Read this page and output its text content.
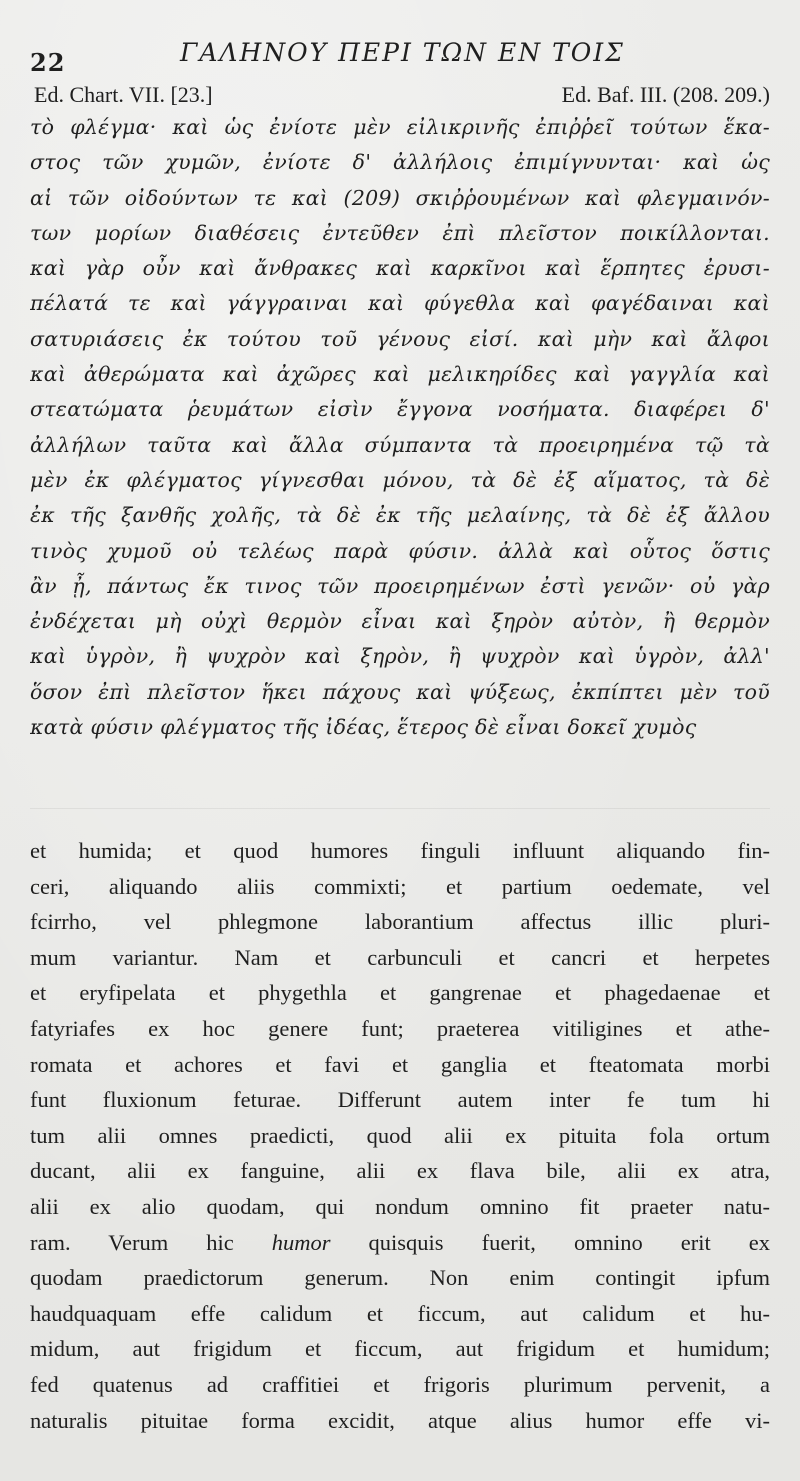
22	ΓΑΛΗΝΟΥ ΠΕΡΙ ΤΩΝ ΕΝ ΤΟΙΣ
Ed. Chart. VII. [23.]	Ed. Baf. III. (208. 209.)
τὸ φλέγμα· καὶ ὡς ἐνίοτε μὲν εἰλικρινῆς ἐπιῤῥεῖ τούτων ἕκα-
στος τῶν χυμῶν, ἐνίοτε δ' ἀλλήλοις ἐπιμίγνυνται· καὶ ὡς
αἱ τῶν οἰδούντων τε καὶ (209) σκιῤῥουμένων καὶ φλεγμαινόν-
των μορίων διαθέσεις ἐντεῦθεν ἐπὶ πλεῖστον ποικίλλονται.
καὶ γὰρ οὖν καὶ ἄνθρακες καὶ καρκῖνοι καὶ ἕρπητες ἐρυσι-
πέλατά τε καὶ γάγγραιναι καὶ φύγεθλα καὶ φαγέδαιναι καὶ
σατυριάσεις ἐκ τούτου τοῦ γένους εἰσί. καὶ μὴν καὶ ἄλφοι
καὶ ἀθερώματα καὶ ἀχῶρες καὶ μελικηρίδες καὶ γαγγλία καὶ
στεατώματα ῥευμάτων εἰσὶν ἔγγονα νοσήματα. διαφέρει δ'
ἀλλήλων ταῦτα καὶ ἄλλα σύμπαντα τὰ προειρημένα τῷ τὰ
μὲν ἐκ φλέγματος γίγνεσθαι μόνου, τὰ δὲ ἐξ αἵματος, τὰ δὲ
ἐκ τῆς ξανθῆς χολῆς, τὰ δὲ ἐκ τῆς μελαίνης, τὰ δὲ ἐξ ἄλλου
τινὸς χυμοῦ οὐ τελέως παρὰ φύσιν. ἀλλὰ καὶ οὗτος ὅστις
ἂν ᾖ, πάντως ἔκ τινος τῶν προειρημένων ἐστὶ γενῶν· οὐ γὰρ
ἐνδέχεται μὴ οὐχὶ θερμὸν εἶναι καὶ ξηρὸν αὐτὸν, ἢ θερμὸν
καὶ ὑγρὸν, ἢ ψυχρὸν καὶ ξηρὸν, ἢ ψυχρὸν καὶ ὑγρὸν, ἀλλ'
ὅσον ἐπὶ πλεῖστον ἥκει πάχους καὶ ψύξεως, ἐκπίπτει μὲν τοῦ
κατὰ φύσιν φλέγματος τῆς ἰδέας, ἕτερος δὲ εἶναι δοκεῖ χυμὸς
et humida; et quod humores finguli influunt aliquando fin-
ceri, aliquando aliis commixti; et partium oedemate, vel
fcirrho, vel phlegmone laborantium affectus illic pluri-
mum variantur. Nam et carbunculi et cancri et herpetes
et eryfipelata et phygethla et gangrenae et phagedaenae et
fatyriafes ex hoc genere funt; praeterea vitiligines et athe-
romata et achores et favi et ganglia et fteatomata morbi
funt fluxionum feturae. Differunt autem inter fe tum hi
tum alii omnes praedicti, quod alii ex pituita fola ortum
ducant, alii ex fanguine, alii ex flava bile, alii ex atra,
alii ex alio quodam, qui nondum omnino fit praeter natu-
ram. Verum hic humor quisquis fuerit, omnino erit ex
quodam praedictorum generum. Non enim contingit ipfum
haudquaquam effe calidum et ficcum, aut calidum et hu-
midum, aut frigidum et ficcum, aut frigidum et humidum;
fed quatenus ad craffitiei et frigoris plurimum pervenit, a
naturalis pituitae forma excidit, atque alius humor effe vi-
